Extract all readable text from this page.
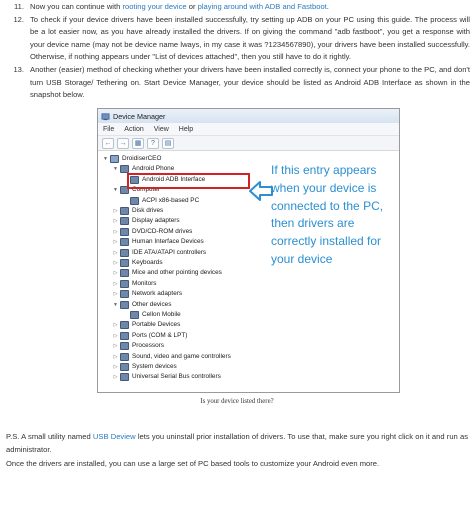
11. Now you can continue with rooting your device or playing around with ADB and Fastboot.
12. To check if your device drivers have been installed successfully, try setting up ADB on your PC using this guide. The process will be a lot easier now, as you have already installed the drivers. If on giving the command "adb fastboot", you get a response with your device name (may not be device name lways, in my case it was ?1234567890), your drivers have been installed successfully. Otherwise, if nothing appears under "List of devices attached", then you still have to do it rightly.
13. Another (easier) method of checking whether your drivers have been installed correctly is, connect your phone to the PC, and don't turn USB Storage/ Tethering on. Start Device Manager, your device should be listed as Android ADB Interface as shown in the snapshot below.
Device Manager
File	Action	View	Help
←	→	▦	?	▤
▼ DroidiserCEO
▼ Android Phone
Android ADB Interface
▼ Computer
ACPI x86-based PC
▷ Disk drives
▷ Display adapters
▷ DVD/CD-ROM drives
▷ Human Interface Devices
▷ IDE ATA/ATAPI controllers
▷ Keyboards
▷ Mice and other pointing devices
▷ Monitors
▷ Network adapters
▼ Other devices
Cellon Mobile
▷ Portable Devices
▷ Ports (COM & LPT)
▷ Processors
▷ Sound, video and game controllers
▷ System devices
▷ Universal Serial Bus controllers
If this entry appears when your device is connected to the PC, then drivers are correctly installed for your device
Is your device listed there?
P.S. A small utility named USB Deview lets you uninstall prior installation of drivers. To use that, make sure you right click on it and run as administrator.
Once the drivers are installed, you can use a large set of PC based tools to customize your Android even more.
